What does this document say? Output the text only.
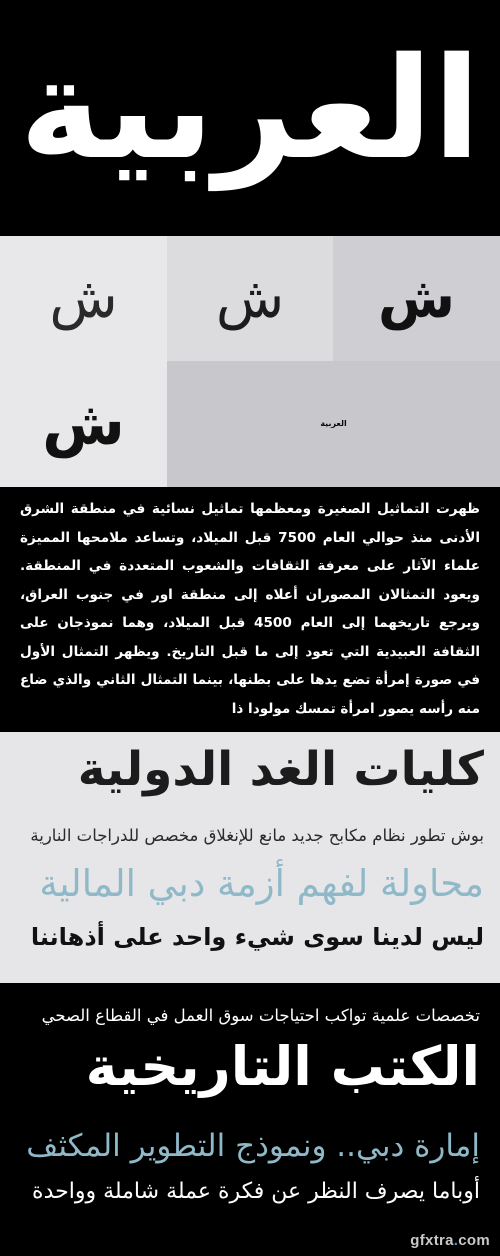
العربية
ش	ش	ش
ش	العربية

ظهرت التماثيل الصغيرة ومعظمها تماثيل نسائية في منطقة الشرق الأدنى منذ حوالي العام 7500 قبل الميلاد، وتساعد ملامحها المميزة علماء الآثار على معرفة الثقافات والشعوب المتعددة في المنطقة. ويعود التمثالان المصوران أعلاه إلى منطقة اور في جنوب العراق، ويرجع تاريخهما إلى العام 4500 قبل الميلاد، وهما نموذجان على الثقافة العبيدية التي تعود إلى ما قبل التاريخ. ويظهر التمثال الأول في صورة إمرأة تضع يدها على بطنها، بينما التمثال الثاني والذي ضاع منه رأسه يصور امرأة تمسك مولودا ذا

كليات الغد الدولية
بوش تطور نظام مكابح جديد مانع للإنغلاق مخصص للدراجات النارية
محاولة لفهم أزمة دبي المالية
ليس لدينا سوى شيء واحد على أذهاننا
تخصصات علمية تواكب احتياجات سوق العمل في القطاع الصحي
الكتب التاريخية
إمارة دبي.. ونموذج التطوير المكثف
أوباما يصرف النظر عن فكرة عملة شاملة وواحدة
gfxtra.com
